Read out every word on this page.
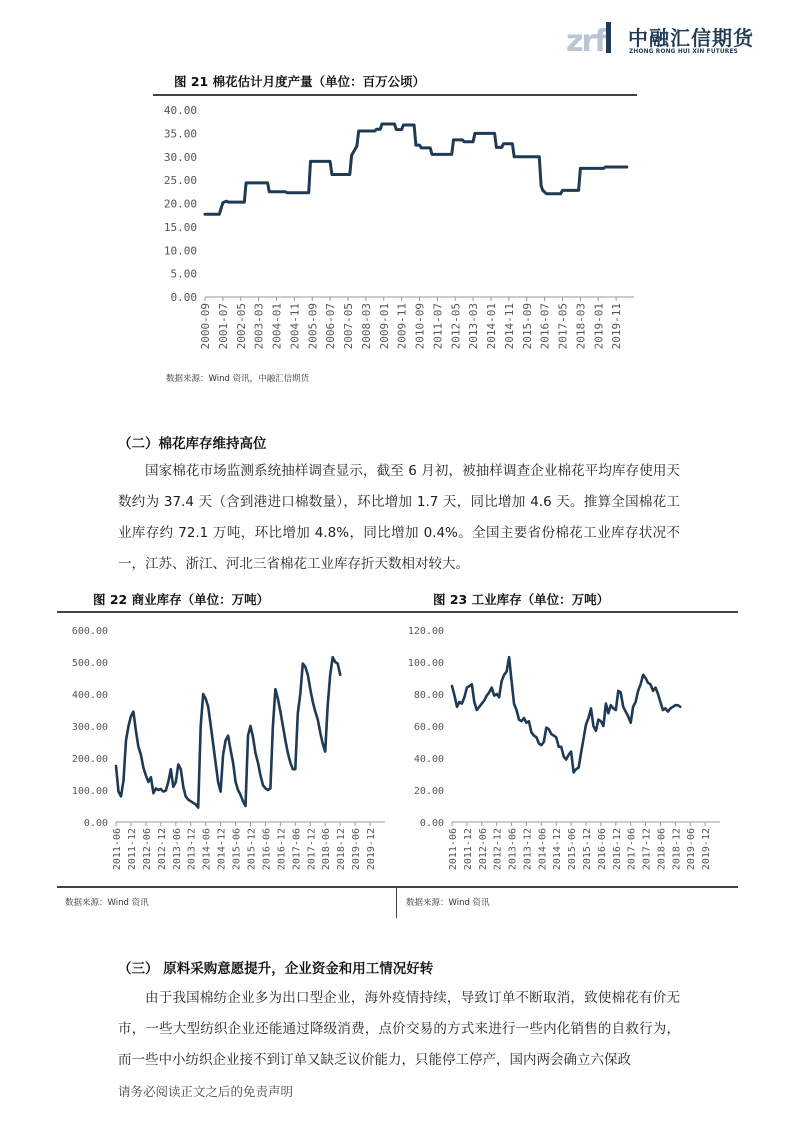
zrf 中融汇信期货
ZHONG RONG HUI XIN FUTURES
图 21 棉花估计月度产量（单位：百万公顷）
0.00
5.00
10.00
15.00
20.00
25.00
30.00
35.00
40.00
2000-09 2001-07 2002-05 2003-03 2004-01 2004-11 2005-09 2006-07 2007-05 2008-03 2009-01 2009-11 2010-09 2011-07 2012-05 2013-03 2014-01 2014-11 2015-09 2016-07 2017-05 2018-03 2019-01 2019-11
数据来源：Wind 资讯，中融汇信期货
（二）棉花库存维持高位
国家棉花市场监测系统抽样调查显示，截至 6 月初，被抽样调查企业棉花平均库存使用天数约为 37.4 天（含到港进口棉数量），环比增加 1.7 天，同比增加 4.6 天。推算全国棉花工业库存约 72.1 万吨，环比增加 4.8%，同比增加 0.4%。全国主要省份棉花工业库存状况不一，江苏、浙江、河北三省棉花工业库存折天数相对较大。
图 22 商业库存（单位：万吨）	图 23 工业库存（单位：万吨）
0.00
100.00
200.00
300.00
400.00
500.00
600.00
2011-06 2011-12 2012-06 2012-12 2013-06 2013-12 2014-06 2014-12 2015-06 2015-12 2016-06 2016-12 2017-06 2017-12 2018-06 2018-12 2019-06 2019-12
0.00
20.00
40.00
60.00
80.00
100.00
120.00
2011-06 2011-12 2012-06 2012-12 2013-06 2013-12 2014-06 2014-12 2015-06 2015-12 2016-06 2016-12 2017-06 2017-12 2018-06 2018-12 2019-06 2019-12
数据来源：Wind 资讯	数据来源：Wind 资讯
（三） 原料采购意愿提升，企业资金和用工情况好转
由于我国棉纺企业多为出口型企业，海外疫情持续，导致订单不断取消，致使棉花有价无市，一些大型纺织企业还能通过降级消费，点价交易的方式来进行一些内化销售的自救行为，而一些中小纺织企业接不到订单又缺乏议价能力，只能停工停产，国内两会确立六保政
请务必阅读正文之后的免责声明
